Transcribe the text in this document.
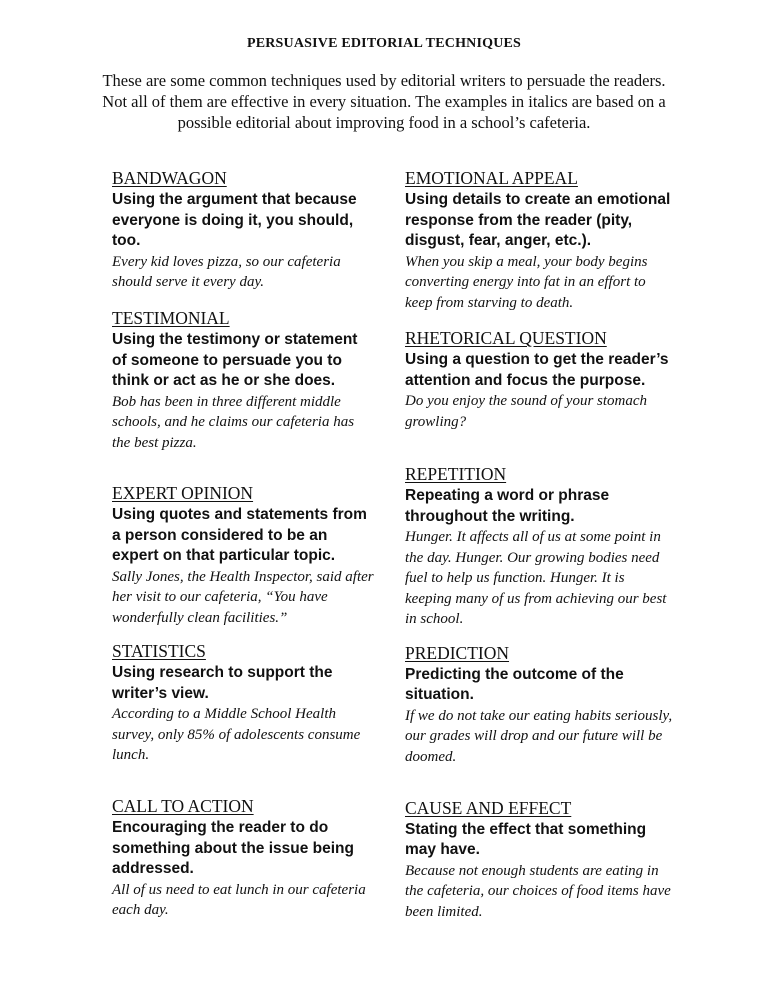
PERSUASIVE EDITORIAL TECHNIQUES
These are some common techniques used by editorial writers to persuade the readers. Not all of them are effective in every situation. The examples in italics are based on a possible editorial about improving food in a school’s cafeteria.
BANDWAGON
Using the argument that because everyone is doing it, you should, too.
Every kid loves pizza, so our cafeteria should serve it every day.
TESTIMONIAL
Using the testimony or statement of someone to persuade you to think or act as he or she does.
Bob has been in three different middle schools, and he claims our cafeteria has the best pizza.
EXPERT OPINION
Using quotes and statements from a person considered to be an expert on that particular topic.
Sally Jones, the Health Inspector, said after her visit to our cafeteria, “You have wonderfully clean facilities.”
STATISTICS
Using research to support the writer’s view.
According to a Middle School Health survey, only 85% of adolescents consume lunch.
CALL TO ACTION
Encouraging the reader to do something about the issue being addressed.
All of us need to eat lunch in our cafeteria each day.
EMOTIONAL APPEAL
Using details to create an emotional response from the reader (pity, disgust, fear, anger, etc.).
When you skip a meal, your body begins converting energy into fat in an effort to keep from starving to death.
RHETORICAL QUESTION
Using a question to get the reader’s attention and focus the purpose.
Do you enjoy the sound of your stomach growling?
REPETITION
Repeating a word or phrase throughout the writing.
Hunger. It affects all of us at some point in the day. Hunger. Our growing bodies need fuel to help us function. Hunger. It is keeping many of us from achieving our best in school.
PREDICTION
Predicting the outcome of the situation.
If we do not take our eating habits seriously, our grades will drop and our future will be doomed.
CAUSE AND EFFECT
Stating the effect that something may have.
Because not enough students are eating in the cafeteria, our choices of food items have been limited.
